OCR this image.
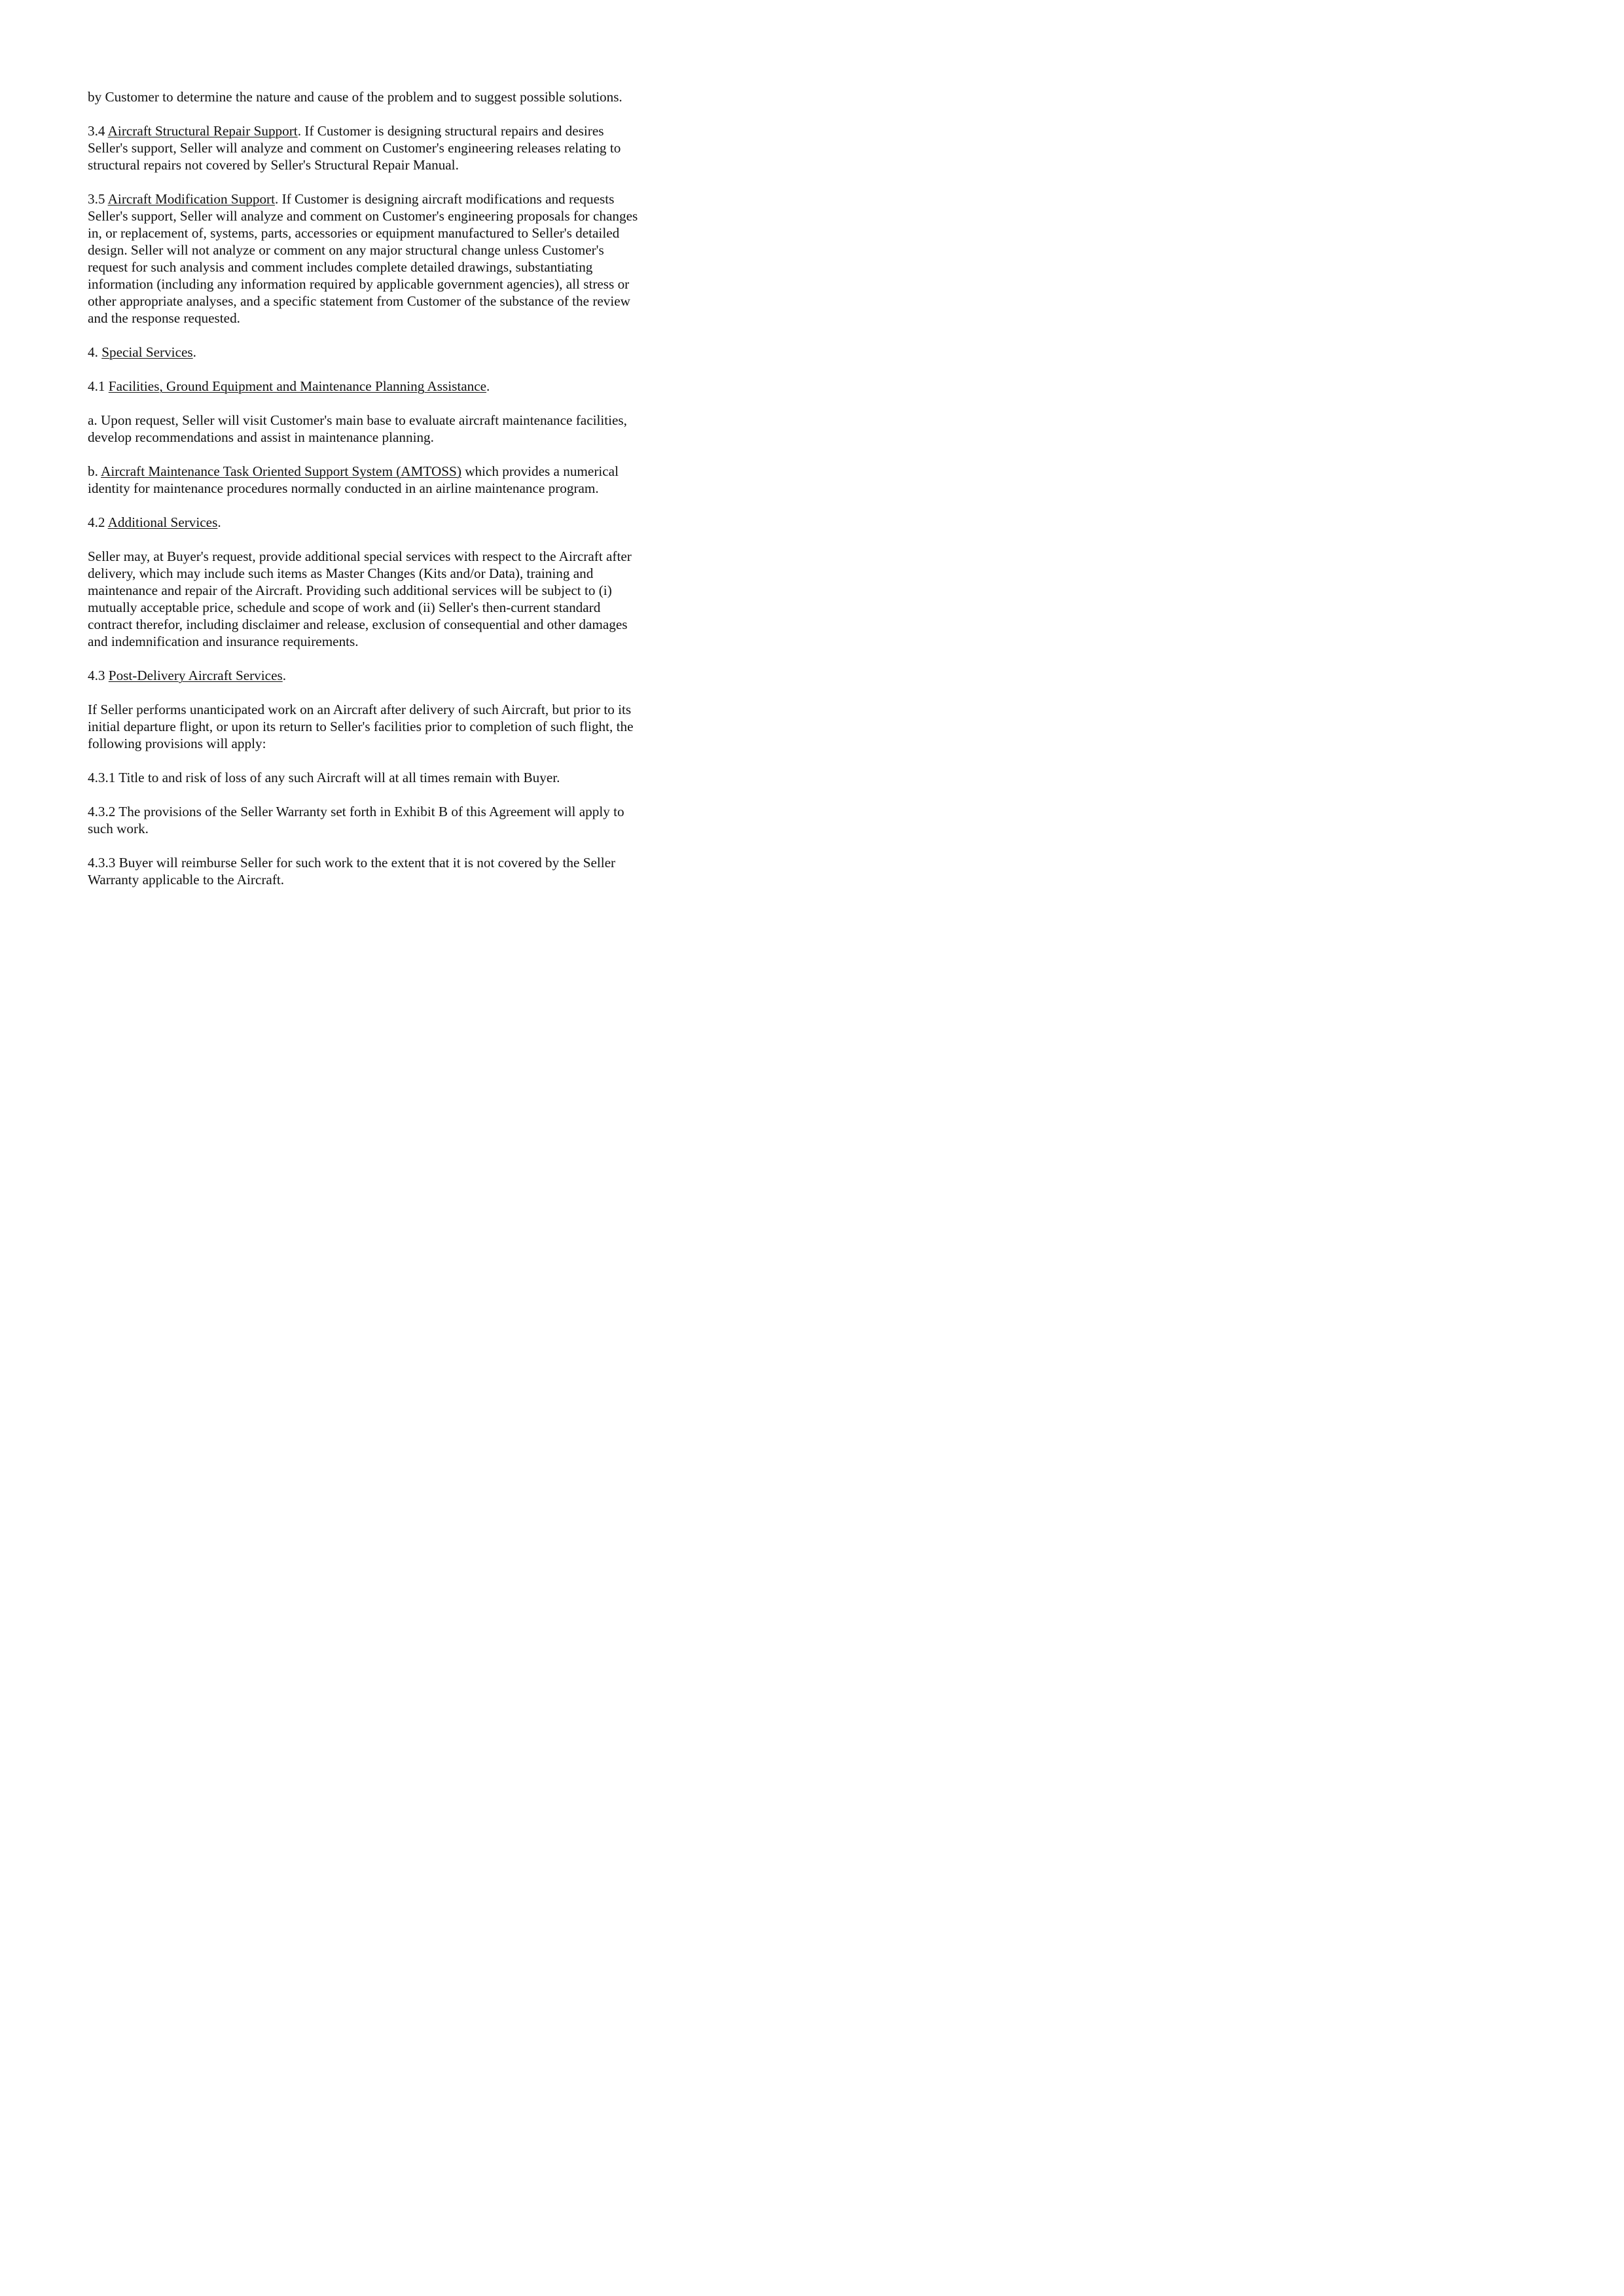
by Customer to determine the nature and cause of the problem and to suggest possible solutions.

3.4 Aircraft Structural Repair Support. If Customer is designing structural repairs and desires Seller's support, Seller will analyze and comment on Customer's engineering releases relating to structural repairs not covered by Seller's Structural Repair Manual.

3.5 Aircraft Modification Support. If Customer is designing aircraft modifications and requests Seller's support, Seller will analyze and comment on Customer's engineering proposals for changes in, or replacement of, systems, parts, accessories or equipment manufactured to Seller's detailed design. Seller will not analyze or comment on any major structural change unless Customer's request for such analysis and comment includes complete detailed drawings, substantiating information (including any information required by applicable government agencies), all stress or other appropriate analyses, and a specific statement from Customer of the substance of the review and the response requested.

4. Special Services.

4.1 Facilities, Ground Equipment and Maintenance Planning Assistance.

a. Upon request, Seller will visit Customer's main base to evaluate aircraft maintenance facilities, develop recommendations and assist in maintenance planning.

b. Aircraft Maintenance Task Oriented Support System (AMTOSS) which provides a numerical identity for maintenance procedures normally conducted in an airline maintenance program.

4.2 Additional Services.

Seller may, at Buyer's request, provide additional special services with respect to the Aircraft after delivery, which may include such items as Master Changes (Kits and/or Data), training and maintenance and repair of the Aircraft. Providing such additional services will be subject to (i) mutually acceptable price, schedule and scope of work and (ii) Seller's then-current standard contract therefor, including disclaimer and release, exclusion of consequential and other damages and indemnification and insurance requirements.

4.3 Post-Delivery Aircraft Services.

If Seller performs unanticipated work on an Aircraft after delivery of such Aircraft, but prior to its initial departure flight, or upon its return to Seller's facilities prior to completion of such flight, the following provisions will apply:

4.3.1 Title to and risk of loss of any such Aircraft will at all times remain with Buyer.

4.3.2 The provisions of the Seller Warranty set forth in Exhibit B of this Agreement will apply to such work.

4.3.3 Buyer will reimburse Seller for such work to the extent that it is not covered by the Seller Warranty applicable to the Aircraft.
